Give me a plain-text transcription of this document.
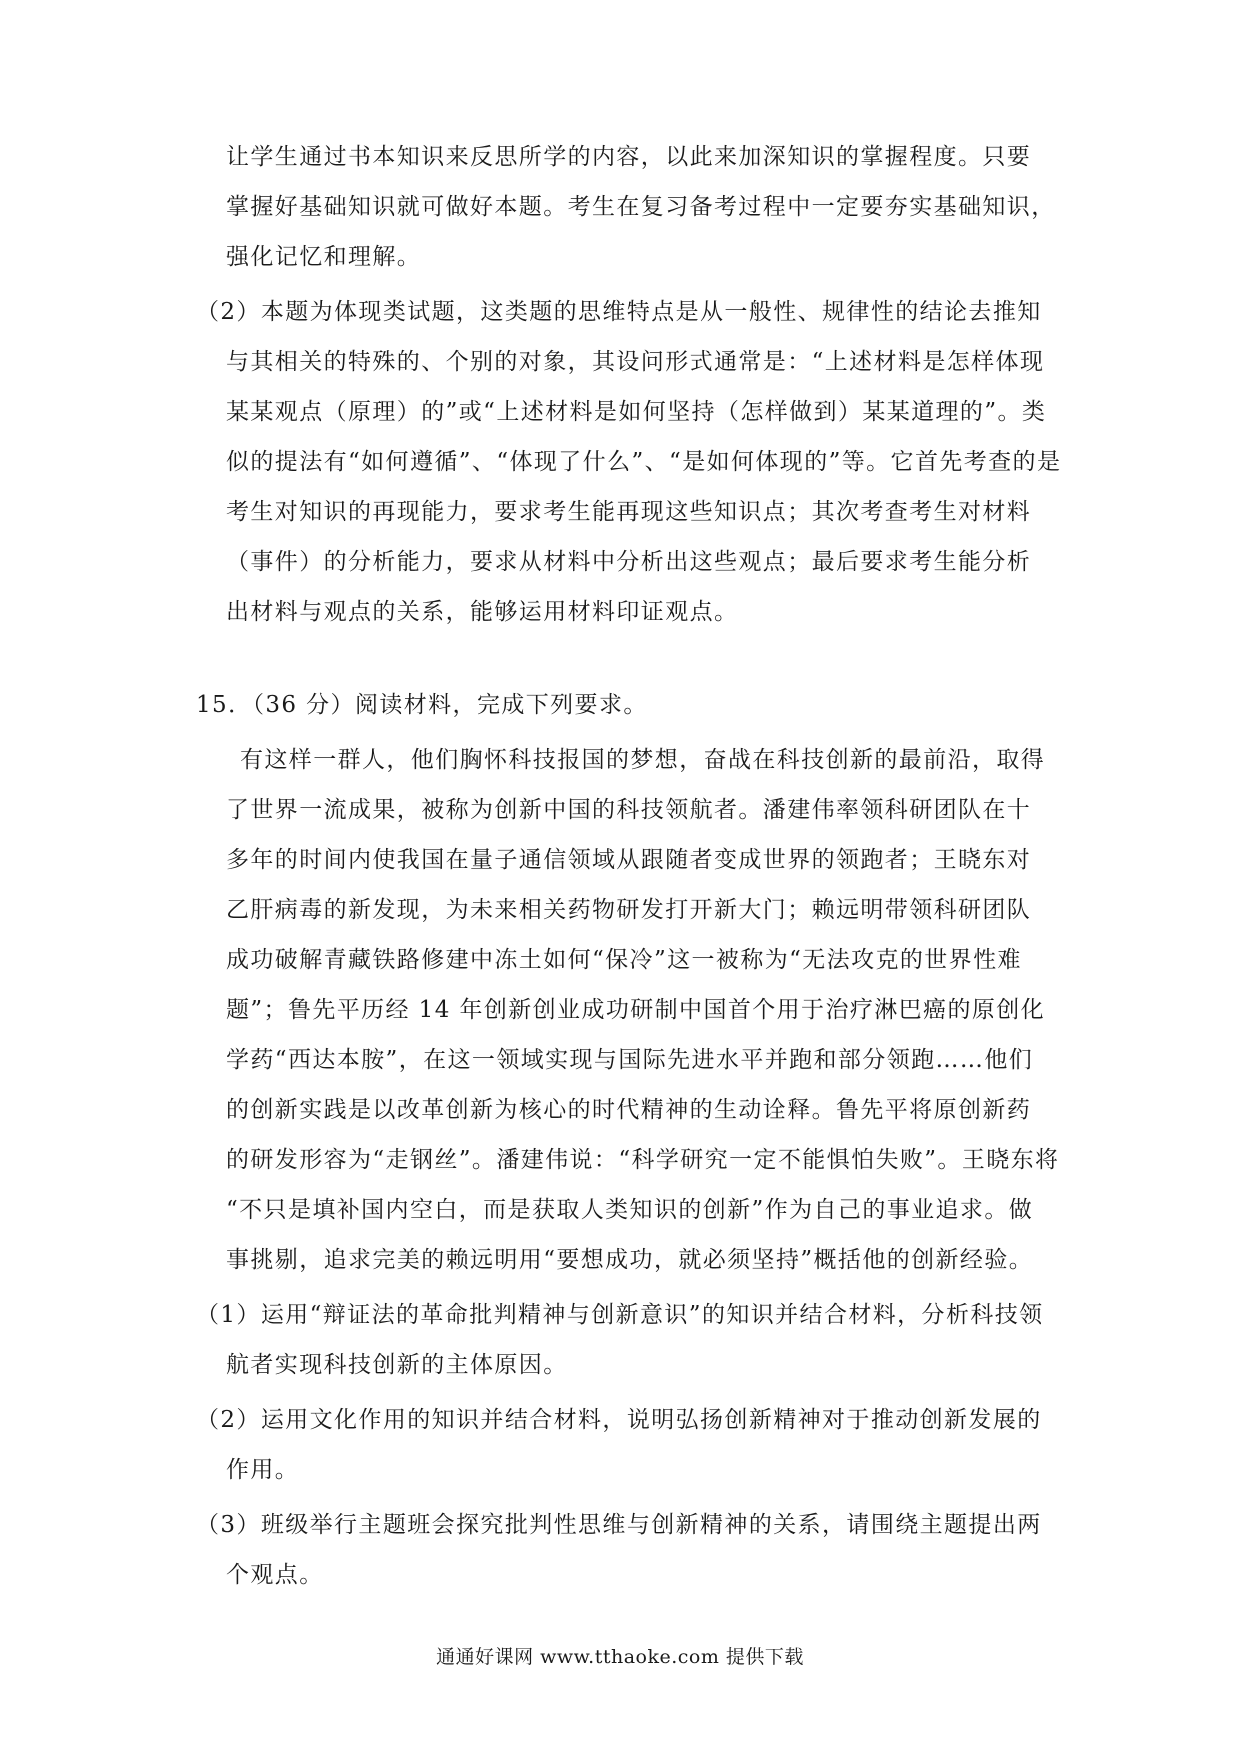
让学生通过书本知识来反思所学的内容，以此来加深知识的掌握程度。只要
掌握好基础知识就可做好本题。考生在复习备考过程中一定要夯实基础知识，
强化记忆和理解。
（2）本题为体现类试题，这类题的思维特点是从一般性、规律性的结论去推知
与其相关的特殊的、个别的对象，其设问形式通常是：“上述材料是怎样体现
某某观点（原理）的”或“上述材料是如何坚持（怎样做到）某某道理的”。类
似的提法有“如何遵循”、“体现了什么”、“是如何体现的”等。它首先考查的是
考生对知识的再现能力，要求考生能再现这些知识点；其次考查考生对材料
（事件）的分析能力，要求从材料中分析出这些观点；最后要求考生能分析
出材料与观点的关系，能够运用材料印证观点。
15．（36 分）阅读材料，完成下列要求。
有这样一群人，他们胸怀科技报国的梦想，奋战在科技创新的最前沿，取得
了世界一流成果，被称为创新中国的科技领航者。潘建伟率领科研团队在十
多年的时间内使我国在量子通信领域从跟随者变成世界的领跑者；王晓东对
乙肝病毒的新发现，为未来相关药物研发打开新大门；赖远明带领科研团队
成功破解青藏铁路修建中冻土如何“保冷”这一被称为“无法攻克的世界性难
题”；鲁先平历经 14 年创新创业成功研制中国首个用于治疗淋巴癌的原创化
学药“西达本胺”，在这一领域实现与国际先进水平并跑和部分领跑……他们
的创新实践是以改革创新为核心的时代精神的生动诠释。鲁先平将原创新药
的研发形容为“走钢丝”。潘建伟说：“科学研究一定不能惧怕失败”。王晓东将
“不只是填补国内空白，而是获取人类知识的创新”作为自己的事业追求。做
事挑剔，追求完美的赖远明用“要想成功，就必须坚持”概括他的创新经验。
（1）运用“辩证法的革命批判精神与创新意识”的知识并结合材料，分析科技领
航者实现科技创新的主体原因。
（2）运用文化作用的知识并结合材料，说明弘扬创新精神对于推动创新发展的
作用。
（3）班级举行主题班会探究批判性思维与创新精神的关系，请围绕主题提出两
个观点。
通通好课网 www.tthaoke.com 提供下载
